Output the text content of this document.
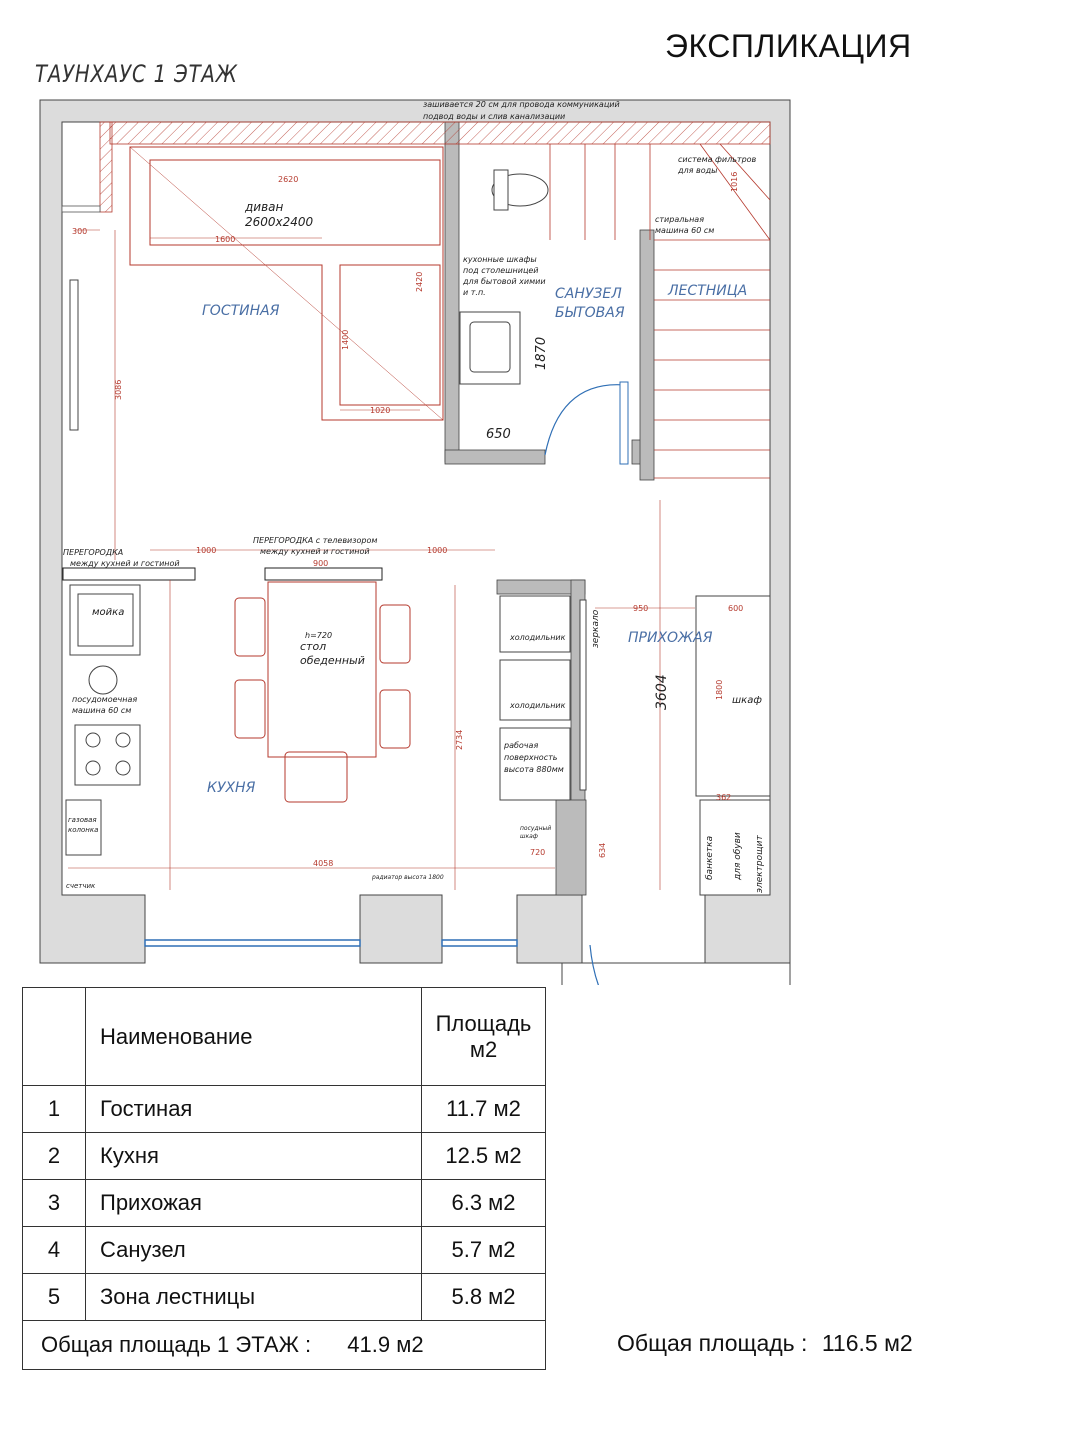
ЭКСПЛИКАЦИЯ
ТАУНХАУС 1 ЭТАЖ
ГОСТИНАЯ
САНУЗЕЛ
БЫТОВАЯ
ЛЕСТНИЦА
ПРИХОЖАЯ
КУХНЯ
зашивается 20 см для провода коммуникаций
подвод воды и слив канализации
диван
2600х2400
кухонные шкафы
под столешницей
для бытовой химии
и т.п.
система фильтров
для воды
стиральная
машина 60 см
ПЕРЕГОРОДКА
между кухней и гостиной
ПЕРЕГОРОДКА с телевизором
между кухней и гостиной
мойка
посудомоечная
машина 60 см
газовая
колонка
счетчик
h=720
стол
обеденный
холодильник
холодильник
рабочая
поверхность
высота 880мм
зеркало
шкаф
посудный
шкаф
радиатор высота 1800	банкетка для обуви электрощит
2620
1600
300
2420
1400
1020
3086
1870
650
1016
1000
900
1000
950	600
3604	1800
2734
4058
634
362
720
	Наименование	Площадь
м2

1	Гостиная	11.7 м2
2	Кухня	12.5 м2
3	Прихожая	6.3 м2
4	Санузел	5.7 м2
5	Зона лестницы	5.8 м2
Общая площадь 1 ЭТАЖ : 41.9 м2			Общая площадь : 116.5 м2
